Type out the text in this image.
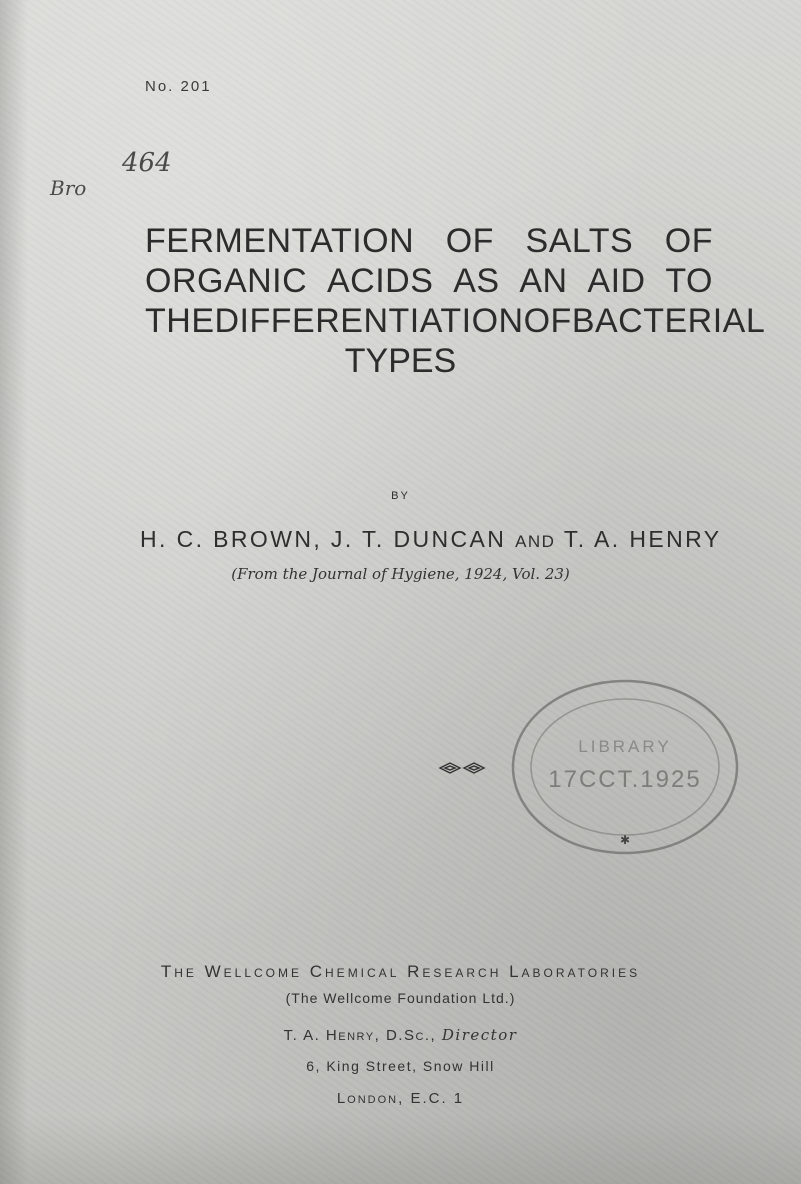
No. 201
464
Bro
FERMENTATION OF SALTS OF
ORGANIC ACIDS AS AN AID TO
THE DIFFERENTIATION OF BACTERIAL
TYPES
BY
H. C. BROWN, J. T. DUNCAN AND T. A. HENRY
(From the Journal of Hygiene, 1924, Vol. 23)
LIBRARY
17CCT.1925
✱
The Wellcome Chemical Research Laboratories
(The Wellcome Foundation Ltd.)
T. A. Henry, D.Sc., Director
6, King Street, Snow Hill
London, E.C. 1
